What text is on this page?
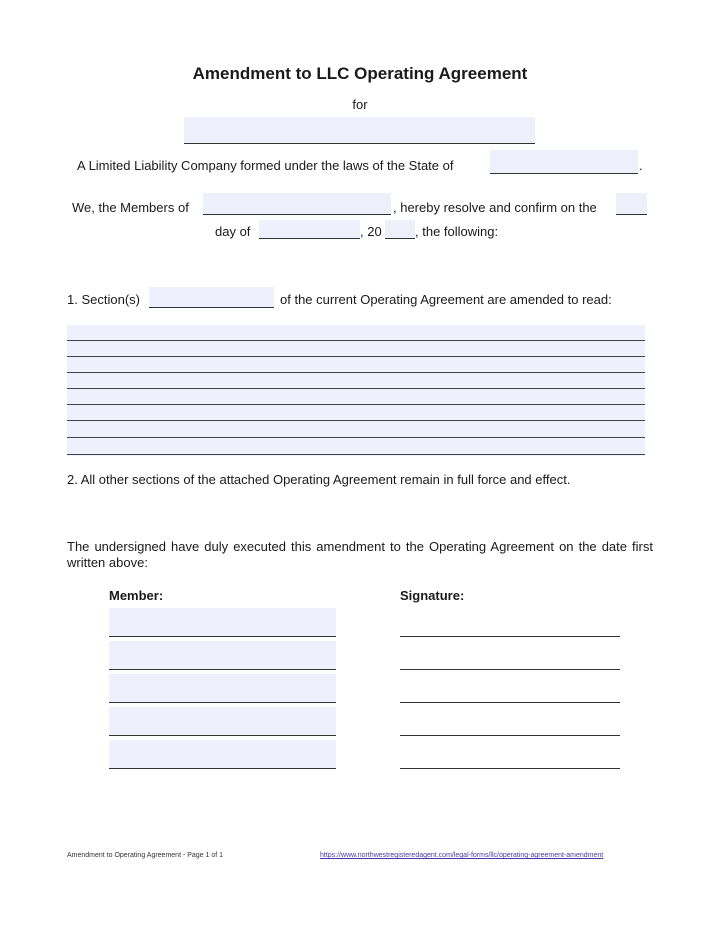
Amendment to LLC Operating Agreement
for
A Limited Liability Company formed under the laws of the State of	.
We, the Members of	, hereby resolve and confirm on the
day of	, 20	, the following:
1. Section(s)	of the current Operating Agreement are amended to read:
2. All other sections of the attached Operating Agreement remain in full force and effect.
The undersigned have duly executed this amendment to the Operating Agreement on the date first written above:
Member:	Signature:
Amendment to Operating Agreement - Page 1 of 1	https://www.northwestregisteredagent.com/legal-forms/llc/operating-agreement-amendment
